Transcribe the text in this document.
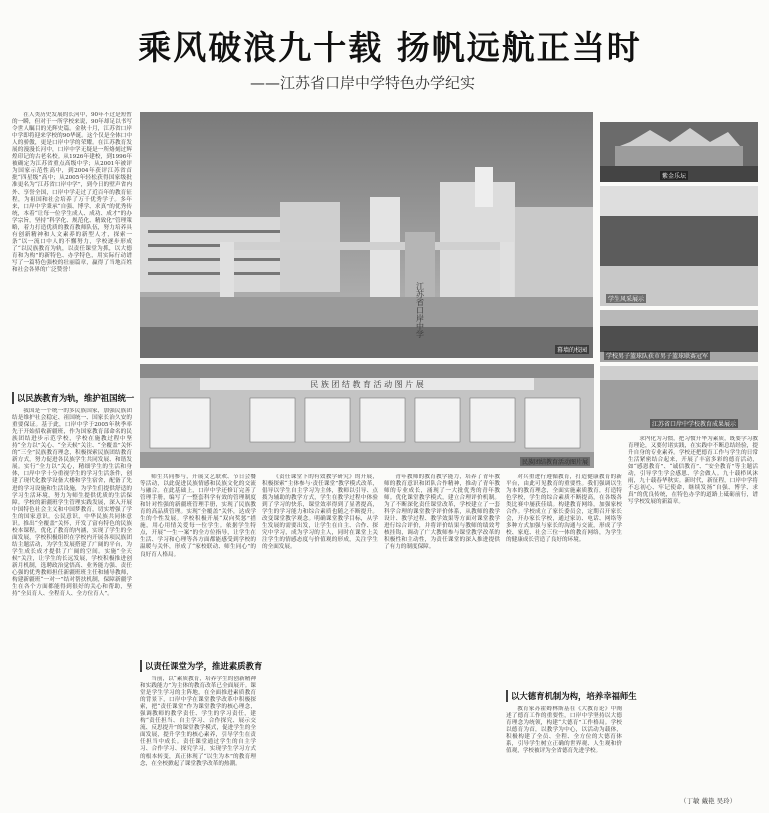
乘风破浪九十载 扬帆远航正当时
——江苏省口岸中学特色办学纪实

在人类历史发展的长河中，90年不过是短暂的一瞬，但对于一所学校来说，90年却足以书写令世人瞩目的光辉史篇。金秋十月，江苏省口岸中学即将迎来学校的90华诞。这个仅是全体口中人的骄傲，更是口岸中学的荣耀。在江苏教育发展的漫漫长河中，口岸中学无疑是一所烙刻过辉煌印记的古老名校。从1926年建校，到1996年被确定为江苏省重点高级中学；从2001年被评为国家示范性高中，到2004年获评江苏省首批“四星级”高中；从2005年轻松获得国家级批准更名为“江苏省口岸中学”，到今日的壁声省内外、享誉全国，口岸中学走过了近百年的教育征程，为祖国和社会培养了万千优秀学子。多年来，口岸中学秉承“自强、博学、求真”的优秀传统，本着“让每一位学生成人、成功、成才”的办学宗旨，坚持“科学化、规范化、精致化”管理策略，着力打造优质的教育教师队伍，努力培养具有创新精神和人文素养的新型人才，探索一条“以一流口中人的不懈努力，学校逐步形成了“以民族教育为轨，以责任课堂为抓，以大德育和为构”的新特色、办学特色，用实际行动谱写了一篇特色强校的壮丽篇章，赢得了当地百姓和社会各界的广泛赞誉！

江苏省口岸中学
幕墙的校园
紫金乐坛
学生风采展示
学校男子篮球队获市男子篮球联赛冠军
江苏省口岸中学校教育成果展示
民 族 团 结 教 育 活 动 图 片 展
民族团结教育活动图片展
以民族教育为轨，维护祖国统一

我国是一个统一的多民族国家，加强民族团结是维护社会稳定、祖国统一、国家长治久安的重要保证。基于此，口岸中学于2005年秋季率先于开始招收新疆班，作为国家教育部命名的民族团结进步示范学校，学校在施教过程中坚持“全力以”关心、“全天候”关注、“全覆盖”关怀的“三全”民族教育理念，积极探索民族团结教育新方式，努力促进各民族学生共同发展、和谐发展。实行“全力以”关心，精细学生的生活和身体，口岸中学十分重视学生的学习生活条件，创建了现代化教学设备大楼和学生宿舍，配备了先进的学习设施和生活设施，为学生们提供舒适的学习生活环境，努力为师生提供优质的生活保障。学校的新疆班学生管理实践发展，深入开展中国特色社会主义和中国梦教育，切实增强了学生的国家意识。公民意识，中华民族共同体意识。推出“全覆盖”关怀，开发了富有特色的民族校本课程，优化了教育的内涵，实现了学生的全面发展，学校积极组织在学校内开展各项民族团结主题活动，为学生发展搭建了广阔的平台，为学生成长成才提供了广阔的空间。实施“全天候”关注，让学生的长远发展，学校积极推进创新月机制，选聘政治觉悟高、业务能力强、责任心强的优秀教师担任新疆班班主任和辅导教师，构建新疆班“一对一”结对帮扶机制，保障新疆学生在各个方面都能得到很好的关心和帮助，坚持“全员育人、全程育人、全方位育人”。

师生共同参与，开展文艺联欢、节日会餐等活动，以此促进民族情感和民族文化的交流与融合。在此基础上，口岸中学还修订完善了管理手册，编写了一整套科学有效的管理制度和针对性强的新疆班管理手册，实现了民族教育的高品质管理。实现“全覆盖”关怀，达成学生的个性发展。学校积极开展“双向奖惩”措施，用心用情关爱每一位学生。依据学生特点，开展“一生一案”的全方位指导，让学生在生活、学习和心理等各方面都能感受到学校的温暖与关怀，形成了“家校联动、师生同心”的良好育人格局。

以责任课堂为学，推进素质教育

当前，以“素质教育，培养学生的创新精神和实践能力”为主体的教育改革已全面展开。课堂是学生学习的主阵地，在全面推进素质教育的背景下，口岸中学在课堂教学改革中积极探索，把“责任课堂”作为课堂教学的核心理念，强调教师的教学责任、学生的学习责任，建构“责任担当、自主学习、合作探究、展示交流、反思提升”的课堂教学模式，促进学生的全面发展，提升学生的核心素养，引导学生在责任担当中成长。责任课堂通过学生的自主学习、合作学习、探究学习，实现学生学习方式的根本转变，真正体现了“以生为本”的教育理念，在全校掀起了课堂教学改革的热潮。

《责任课堂下的有效教学研究》的开展，积极探索“主体参与·责任课堂”教学模式改革，倡导以学生自主学习为主体，教师以引导、点拨为辅助的教学方式，学生在教学过程中体验到了学习的快乐，课堂效率得到了显著提高，学生的学习能力和综合素质也随之不断提升。改变课堂教学观念。明确课堂教学目标，从学生发展的需要出发，让学生在自主、合作、探究中学习，成为学习的主人，同时在课堂上关注学生的情感态度与价值观的形成，关注学生的全面发展。

青年教师的教育教学能力，培养了青年教师的教育意识和团队合作精神，推动了青年教师的专业成长，涌现了一大批优秀的青年教师。优化课堂教学模式，建立合理评价机制。为了不断深化责任课堂改革，学校建立了一套科学合理的课堂教学评价体系，从教师的教学设计、教学过程、教学效果等方面对课堂教学进行综合评价，并将评价结果与教师的绩效考核挂钩，调动了广大教师参与课堂教学改革的积极性和主动性，为责任课堂的深入推进提供了有力的制度保障。

对兵重进行遵循教育，打造健康教育的新平台，由此可见教育的重要性。我们强调以生为本的教育理念，全面实施素质教育，打造特色学校，学生的综合素质不断提高，在各级各类比赛中屡获佳绩。构建教育网络，加强家校合作。学校成立了家长委员会，定期召开家长会，开办家长学校，通过家访、电话、网络等多种方式加强与家长的沟通与交流，形成了学校、家庭、社会三位一体的教育网络，为学生的健康成长营造了良好的环境。

以大德育机制为构，培养幸福师生

教育家苏霍姆林斯基在《大教育论》中阐述了德育工作的重要性，口岸中学坚持以大德育理念为统领，构建“大德育”工作格局。学校以德育为首，以教学为中心，以活动为载体，积极构建了全员、全程、全方位的大德育体系，引导学生树立正确的世界观、人生观和价值观，学校被评为全省德育先进学校。

求内化为习惯，把习惯升华为素质，既要学习教育理论，又要付诸实践，在实践中不断总结经验，提升自身的专业素养。学校还把德育工作与学生的日常生活紧密结合起来，开展了丰富多彩的德育活动，如“感恩教育”、“诚信教育”、“安全教育”等主题活动，引导学生学会感恩、学会做人。九十载栉风沐雨，九十载春华秋实。新时代，新征程，口岸中学将不忘初心、牢记使命，继续发扬“自强、博学、求真”的优良传统，在特色办学的道路上砥砺前行，谱写学校发展的新篇章。

（丁敏 戴艳 吴玲）
